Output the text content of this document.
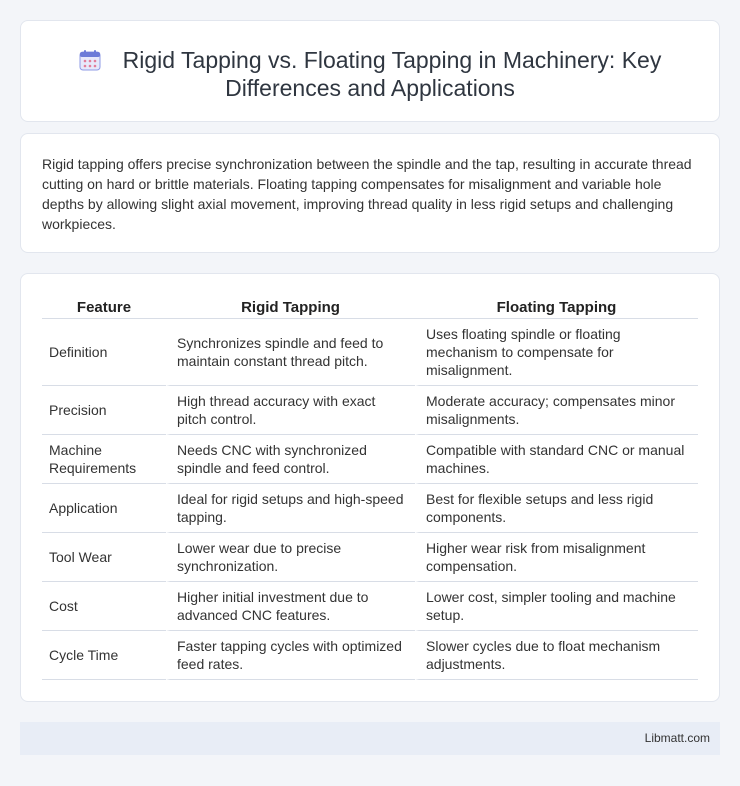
Rigid Tapping vs. Floating Tapping in Machinery: Key Differences and Applications

Rigid tapping offers precise synchronization between the spindle and the tap, resulting in accurate thread cutting on hard or brittle materials. Floating tapping compensates for misalignment and variable hole depths by allowing slight axial movement, improving thread quality in less rigid setups and challenging workpieces.

Feature	Rigid Tapping	Floating Tapping
Definition	Synchronizes spindle and feed to maintain constant thread pitch.	Uses floating spindle or floating mechanism to compensate for misalignment.
Precision	High thread accuracy with exact pitch control.	Moderate accuracy; compensates minor misalignments.
Machine Requirements	Needs CNC with synchronized spindle and feed control.	Compatible with standard CNC or manual machines.
Application	Ideal for rigid setups and high-speed tapping.	Best for flexible setups and less rigid components.
Tool Wear	Lower wear due to precise synchronization.	Higher wear risk from misalignment compensation.
Cost	Higher initial investment due to advanced CNC features.	Lower cost, simpler tooling and machine setup.
Cycle Time	Faster tapping cycles with optimized feed rates.	Slower cycles due to float mechanism adjustments.
Libmatt.com
